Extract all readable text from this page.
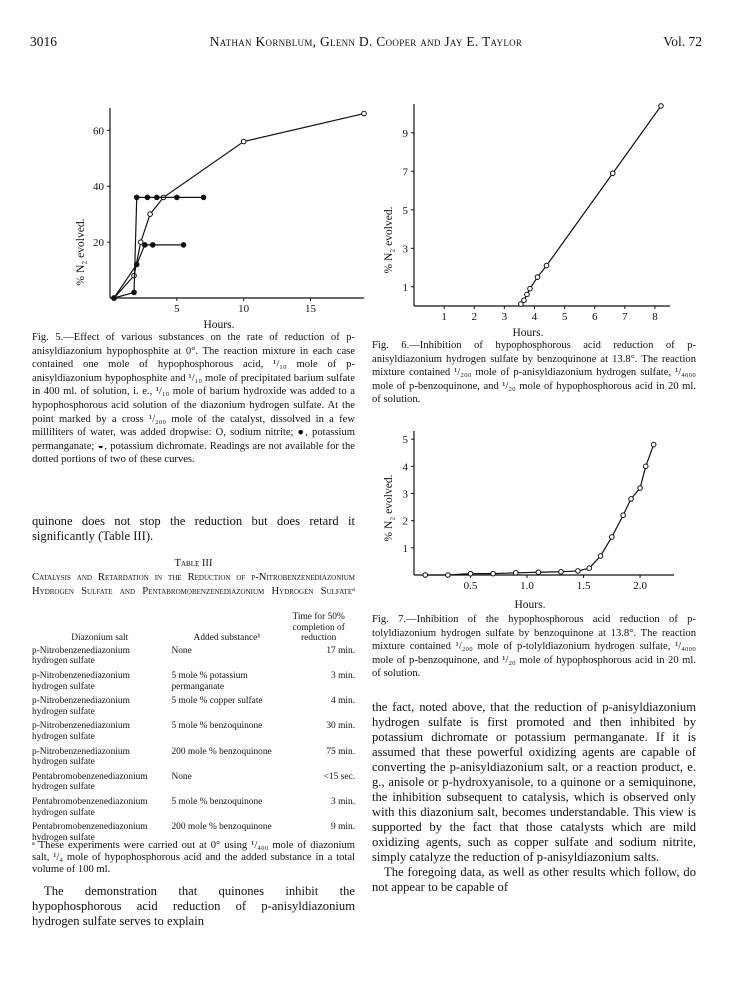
3016	Nathan Kornblum, Glenn D. Cooper and Jay E. Taylor	Vol. 72
5	10	15
20
40
60
% N₂ evolved.
Hours.
Fig. 5.—Effect of various substances on the rate of reduction of p-anisyldiazonium hypophosphite at 0°. The reaction mixture in each case contained one mole of hypophosphorous acid, ¹/₁₀ mole of p-anisyldiazonium hypophosphite and ¹/₁₀ mole of precipitated barium sulfate in 400 ml. of solution, i. e., ¹/₁₀ mole of barium hydroxide was added to a hypophosphorous acid solution of the diazonium hydrogen sulfate. At the point marked by a cross ¹/₂₀₀ mole of the catalyst, dissolved in a few milliliters of water, was added dropwise: O, sodium nitrite; ●, potassium permanganate; ◒, potassium dichromate. Readings are not available for the dotted portions of two of these curves.
1 2 3 4 5 6 7 8
1
3
5
7
9
% N₂ evolved.
Hours.
Fig. 6.—Inhibition of hypophosphorous acid reduction of p-anisyldiazonium hydrogen sulfate by benzoquinone at 13.8°. The reaction mixture contained ¹/₂₀₀ mole of p-anisyldiazonium hydrogen sulfate, ¹/₄₀₀₀ mole of p-benzoquinone, and ¹/₂₀ mole of hypophosphorous acid in 20 ml. of solution.
0.5	1.0	1.5	2.0
1
2
3
4
5
% N₂ evolved.
Hours.
Fig. 7.—Inhibition of the hypophosphorous acid reduction of p-tolyldiazonium hydrogen sulfate by benzoquinone at 13.8°. The reaction mixture contained ¹/₂₀₀ mole of p-tolyldiazonium hydrogen sulfate, ¹/₄₀₀₀ mole of p-benzoquinone, and ¹/₂₀ mole of hypophosphorous acid in 20 ml. of solution.

quinone does not stop the reduction but does retard it significantly (Table III).

Table III
Catalysis and Retardation in the Reduction of p-Nitrobenzenediazonium Hydrogen Sulfate and Pentabromobenzenediazonium Hydrogen Sulfateᵃ
Diazonium salt	Added substanceᵇ	Time for 50% completion of reduction
p-Nitrobenzenediazonium hydrogen sulfate	None	17 min.
p-Nitrobenzenediazonium hydrogen sulfate	5 mole % potassium permanganate	3 min.
p-Nitrobenzenediazonium hydrogen sulfate	5 mole % copper sulfate	4 min.
p-Nitrobenzenediazonium hydrogen sulfate	5 mole % benzoquinone	30 min.
p-Nitrobenzenediazonium hydrogen sulfate	200 mole % benzoquinone	75 min.
Pentabromobenzenediazonium hydrogen sulfate	None	<15 sec.
Pentabromobenzenediazonium hydrogen sulfate	5 mole % benzoquinone	3 min.
Pentabromobenzenediazonium hydrogen sulfate	200 mole % benzoquinone	9 min.
ᵃ These experiments were carried out at 0° using ¹/₄₀₀ mole of diazonium salt, ¹/₄ mole of hypophosphorous acid and the added substance in a total volume of 100 ml.

The demonstration that quinones inhibit the hypophosphorous acid reduction of p-anisyldiazonium hydrogen sulfate serves to explain

the fact, noted above, that the reduction of p-anisyldiazonium hydrogen sulfate is first promoted and then inhibited by potassium dichromate or potassium permanganate. If it is assumed that these powerful oxidizing agents are capable of converting the p-anisyldiazonium salt, or a reaction product, e. g., anisole or p-hydroxyanisole, to a quinone or a semiquinone, the inhibition subsequent to catalysis, which is observed only with this diazonium salt, becomes understandable. This view is supported by the fact that those catalysts which are mild oxidizing agents, such as copper sulfate and sodium nitrite, simply catalyze the reduction of p-anisyldiazonium salts.

The foregoing data, as well as other results which follow, do not appear to be capable of
